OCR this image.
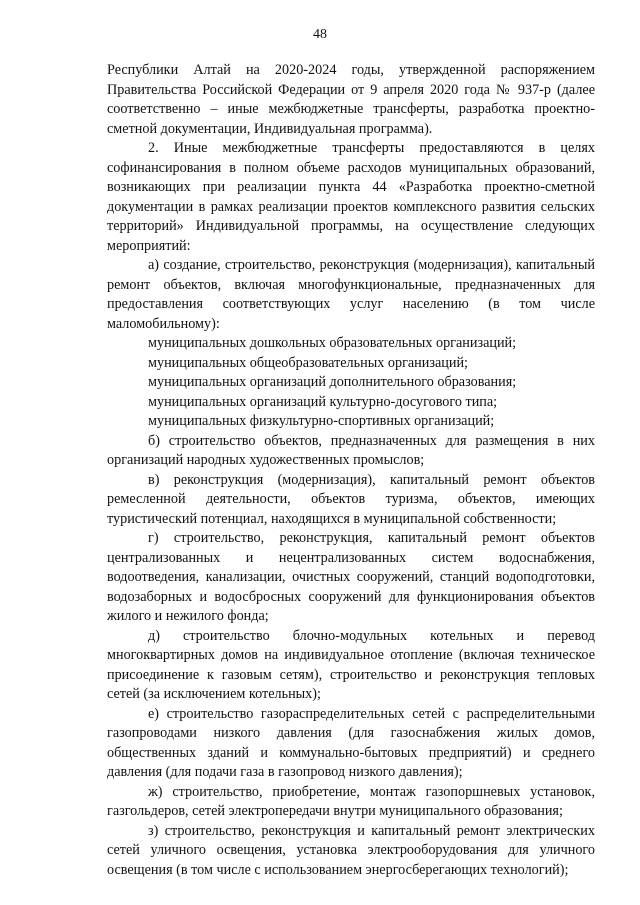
48

Республики Алтай на 2020-2024 годы, утвержденной распоряжением Правительства Российской Федерации от 9 апреля 2020 года № 937-р (далее соответственно – иные межбюджетные трансферты, разработка проектно-сметной документации, Индивидуальная программа).

2. Иные межбюджетные трансферты предоставляются в целях софинансирования в полном объеме расходов муниципальных образований, возникающих при реализации пункта 44 «Разработка проектно-сметной документации в рамках реализации проектов комплексного развития сельских территорий» Индивидуальной программы, на осуществление следующих мероприятий:

а) создание, строительство, реконструкция (модернизация), капитальный ремонт объектов, включая многофункциональные, предназначенных для предоставления соответствующих услуг населению (в том числе маломобильному):

муниципальных дошкольных образовательных организаций;

муниципальных общеобразовательных организаций;

муниципальных организаций дополнительного образования;

муниципальных организаций культурно-досугового типа;

муниципальных физкультурно-спортивных организаций;

б) строительство объектов, предназначенных для размещения в них организаций народных художественных промыслов;

в) реконструкция (модернизация), капитальный ремонт объектов ремесленной деятельности, объектов туризма, объектов, имеющих туристический потенциал, находящихся в муниципальной собственности;

г) строительство, реконструкция, капитальный ремонт объектов централизованных и нецентрализованных систем водоснабжения, водоотведения, канализации, очистных сооружений, станций водоподготовки, водозаборных и водосбросных сооружений для функционирования объектов жилого и нежилого фонда;

д) строительство блочно-модульных котельных и перевод многоквартирных домов на индивидуальное отопление (включая техническое присоединение к газовым сетям), строительство и реконструкция тепловых сетей (за исключением котельных);

е) строительство газораспределительных сетей с распределительными газопроводами низкого давления (для газоснабжения жилых домов, общественных зданий и коммунально-бытовых предприятий) и среднего давления (для подачи газа в газопровод низкого давления);

ж) строительство, приобретение, монтаж газопоршневых установок, газгольдеров, сетей электропередачи внутри муниципального образования;

з) строительство, реконструкция и капитальный ремонт электрических сетей уличного освещения, установка электрооборудования для уличного освещения (в том числе с использованием энергосберегающих технологий);
